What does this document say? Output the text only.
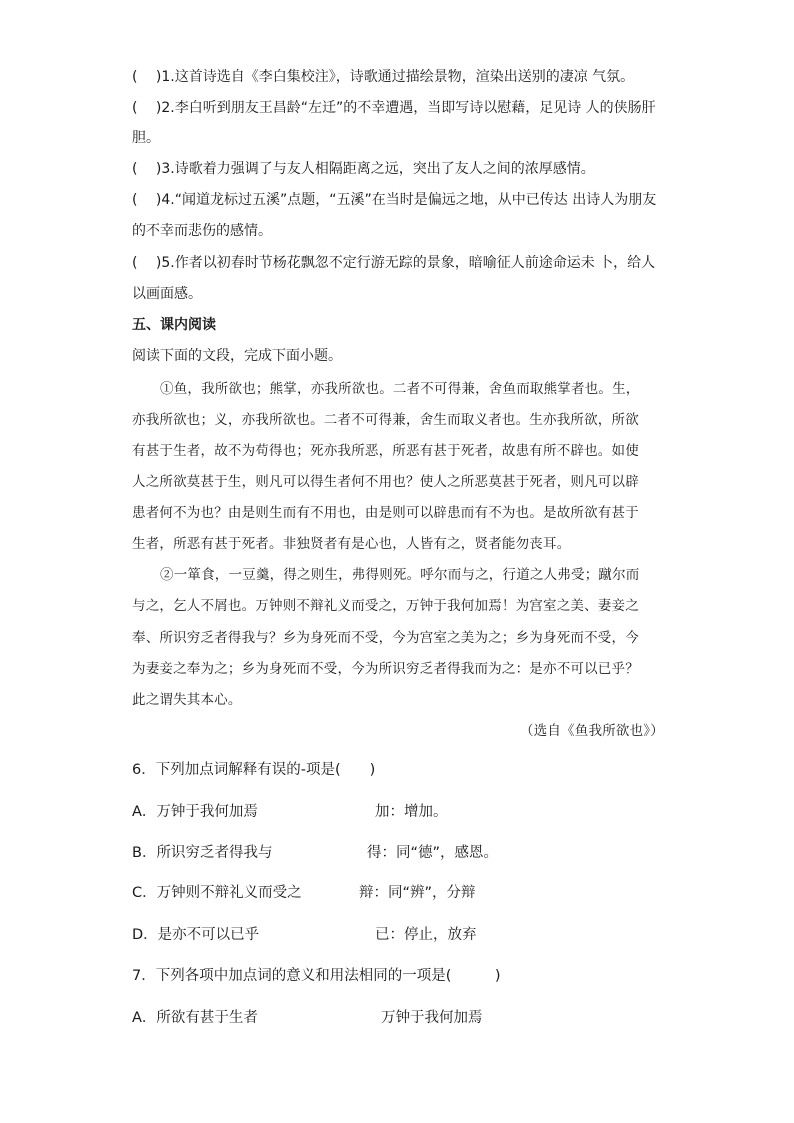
(　 )1.这首诗选自《李白集校注》，诗歌通过描绘景物，渲染出送别的凄凉 气氛。
(　 )2.李白听到朋友王昌龄“左迁”的不幸遭遇，当即写诗以慰藉，足见诗 人的侠肠肝
胆。
(　 )3.诗歌着力强调了与友人相隔距离之远，突出了友人之间的浓厚感情。
(　 )4.“闻道龙标过五溪”点题，“五溪”在当时是偏远之地，从中已传达 出诗人为朋友
的不幸而悲伤的感情。
(　 )5.作者以初春时节杨花飘忽不定行游无踪的景象，暗喻征人前途命运未 卜，给人
以画面感。
五、课内阅读
阅读下面的文段，完成下面小题。
①鱼，我所欲也；熊掌，亦我所欲也。二者不可得兼，舍鱼而取熊掌者也。生，
亦我所欲也；义，亦我所欲也。二者不可得兼，舍生而取义者也。生亦我所欲，所欲
有甚于生者，故不为苟得也；死亦我所恶，所恶有甚于死者，故患有所不辟也。如使
人之所欲莫甚于生，则凡可以得生者何不用也？使人之所恶莫甚于死者，则凡可以辟
患者何不为也？由是则生而有不用也，由是则可以辟患而有不为也。是故所欲有甚于
生者，所恶有甚于死者。非独贤者有是心也，人皆有之，贤者能勿丧耳。
②一箪食，一豆羹，得之则生，弗得则死。呼尔而与之，行道之人弗受；蹴尔而
与之，乞人不屑也。万钟则不辩礼义而受之，万钟于我何加焉！为宫室之美、妻妾之
奉、所识穷乏者得我与？乡为身死而不受，今为宫室之美为之；乡为身死而不受，今
为妻妾之奉为之；乡为身死而不受，今为所识穷乏者得我而为之：是亦不可以已乎？
此之谓失其本心。
（选自《鱼我所欲也》）
6．下列加点词解释有误的-项是(　　)
A．万钟于我何加焉	加：增加。
B．所识穷乏者得我与	得：同“德”，感恩。
C．万钟则不辩礼义而受之	辩：同“辨”，分辩
D．是亦不可以已乎	已：停止，放弃
7．下列各项中加点词的意义和用法相同的一项是(　　　)
A．所欲有甚于生者	万钟于我何加焉
